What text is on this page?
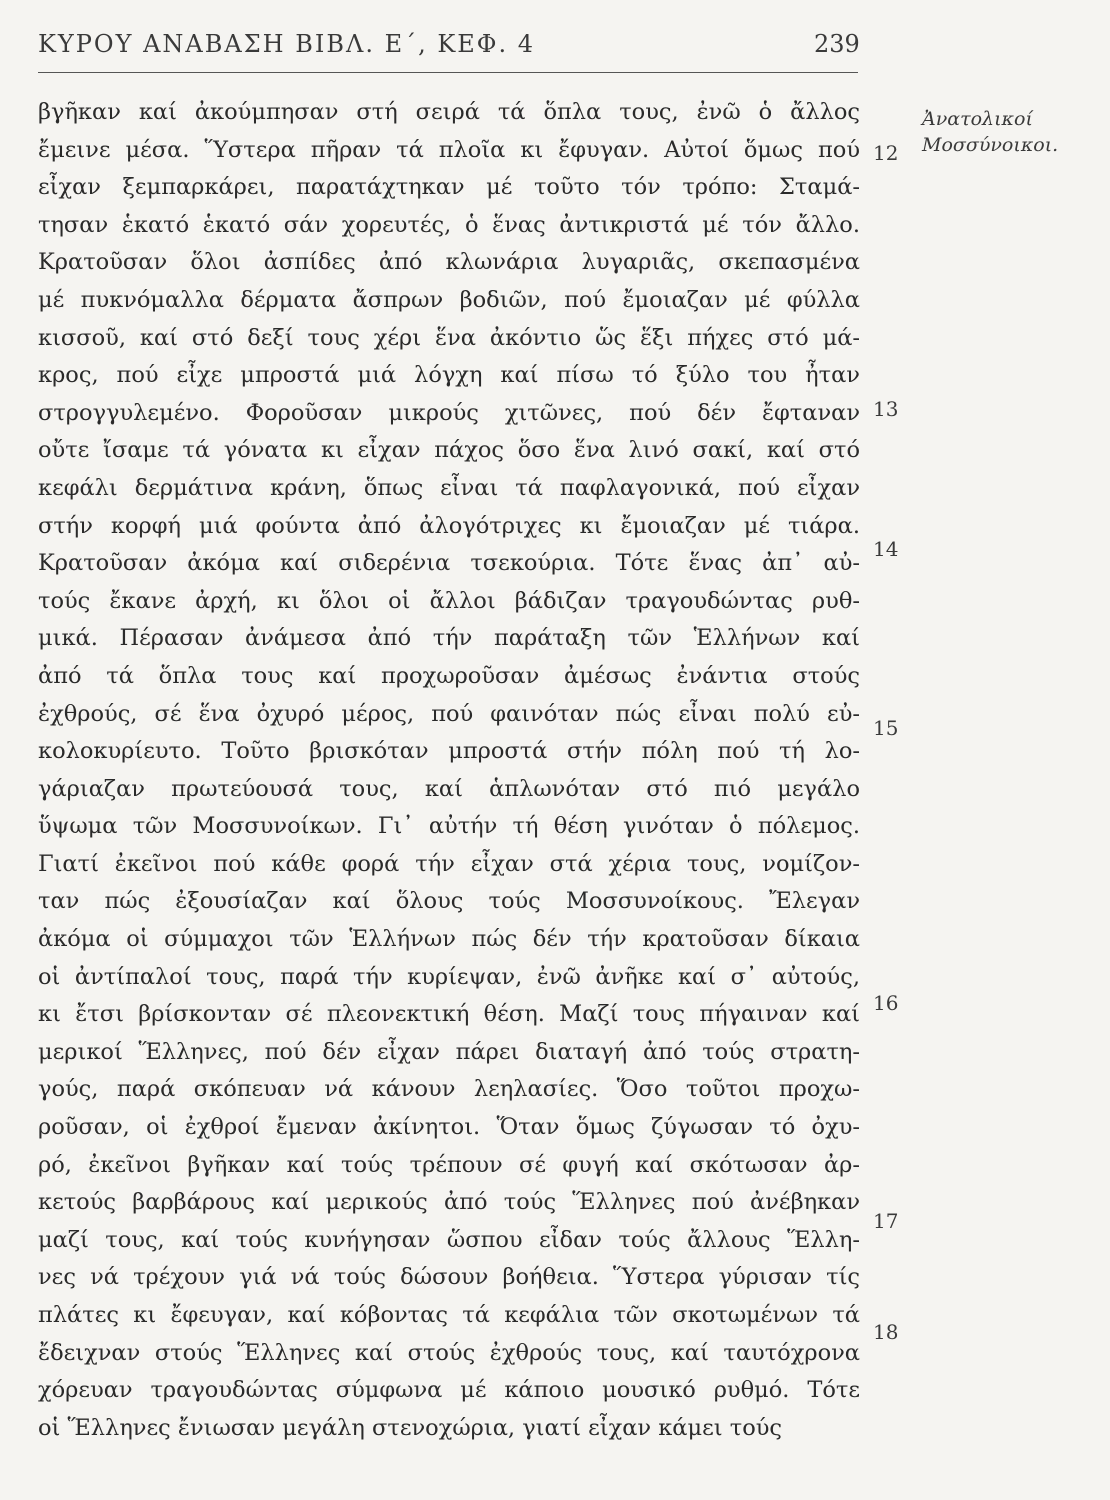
ΚΥΡΟΥ ΑΝΑΒΑΣΗ ΒΙΒΛ. Ε΄, ΚΕΦ. 4	239
Ἀνατολικοί
Μοσσύνοικοι.
βγῆκαν καί ἀκούμπησαν στή σειρά τά ὅπλα τους, ἐνῶ ὁ ἄλλος
ἔμεινε μέσα. Ὕστερα πῆραν τά πλοῖα κι ἔφυγαν. Αὐτοί ὅμως πού
εἶχαν ξεμπαρκάρει, παρατάχτηκαν μέ τοῦτο τόν τρόπο: Σταμά-
τησαν ἑκατό ἑκατό σάν χορευτές, ὁ ἕνας ἀντικριστά μέ τόν ἄλλο.
Κρατοῦσαν ὅλοι ἀσπίδες ἀπό κλωνάρια λυγαριᾶς, σκεπασμένα
μέ πυκνόμαλλα δέρματα ἄσπρων βοδιῶν, πού ἔμοιαζαν μέ φύλλα
κισσοῦ, καί στό δεξί τους χέρι ἕνα ἀκόντιο ὥς ἕξι πήχες στό μά-
κρος, πού εἶχε μπροστά μιά λόγχη καί πίσω τό ξύλο του ἦταν
στρογγυλεμένο. Φοροῦσαν μικρούς χιτῶνες, πού δέν ἔφταναν
οὔτε ἴσαμε τά γόνατα κι εἶχαν πάχος ὅσο ἕνα λινό σακί, καί στό
κεφάλι δερμάτινα κράνη, ὅπως εἶναι τά παφλαγονικά, πού εἶχαν
στήν κορφή μιά φούντα ἀπό ἀλογότριχες κι ἔμοιαζαν μέ τιάρα.
Κρατοῦσαν ἀκόμα καί σιδερένια τσεκούρια. Τότε ἕνας ἀπ᾿ αὐ-
τούς ἔκανε ἀρχή, κι ὅλοι οἱ ἄλλοι βάδιζαν τραγουδώντας ρυθ-
μικά. Πέρασαν ἀνάμεσα ἀπό τήν παράταξη τῶν Ἑλλήνων καί
ἀπό τά ὅπλα τους καί προχωροῦσαν ἀμέσως ἐνάντια στούς
ἐχθρούς, σέ ἕνα ὀχυρό μέρος, πού φαινόταν πώς εἶναι πολύ εὐ-
κολοκυρίευτο. Τοῦτο βρισκόταν μπροστά στήν πόλη πού τή λο-
γάριαζαν πρωτεύουσά τους, καί ἁπλωνόταν στό πιό μεγάλο
ὕψωμα τῶν Μοσσυνοίκων. Γι᾿ αὐτήν τή θέση γινόταν ὁ πόλεμος.
Γιατί ἐκεῖνοι πού κάθε φορά τήν εἶχαν στά χέρια τους, νομίζον-
ταν πώς ἐξουσίαζαν καί ὅλους τούς Μοσσυνοίκους. Ἔλεγαν
ἀκόμα οἱ σύμμαχοι τῶν Ἑλλήνων πώς δέν τήν κρατοῦσαν δίκαια
οἱ ἀντίπαλοί τους, παρά τήν κυρίεψαν, ἐνῶ ἀνῆκε καί σ᾿ αὐτούς,
κι ἔτσι βρίσκονταν σέ πλεονεκτική θέση. Μαζί τους πήγαιναν καί
μερικοί Ἕλληνες, πού δέν εἶχαν πάρει διαταγή ἀπό τούς στρατη-
γούς, παρά σκόπευαν νά κάνουν λεηλασίες. Ὅσο τοῦτοι προχω-
ροῦσαν, οἱ ἐχθροί ἔμεναν ἀκίνητοι. Ὅταν ὅμως ζύγωσαν τό ὀχυ-
ρό, ἐκεῖνοι βγῆκαν καί τούς τρέπουν σέ φυγή καί σκότωσαν ἀρ-
κετούς βαρβάρους καί μερικούς ἀπό τούς Ἕλληνες πού ἀνέβηκαν
μαζί τους, καί τούς κυνήγησαν ὥσπου εἶδαν τούς ἄλλους Ἕλλη-
νες νά τρέχουν γιά νά τούς δώσουν βοήθεια. Ὕστερα γύρισαν τίς
πλάτες κι ἔφευγαν, καί κόβοντας τά κεφάλια τῶν σκοτωμένων τά
ἔδειχναν στούς Ἕλληνες καί στούς ἐχθρούς τους, καί ταυτόχρονα
χόρευαν τραγουδώντας σύμφωνα μέ κάποιο μουσικό ρυθμό. Τότε
οἱ Ἕλληνες ἔνιωσαν μεγάλη στενοχώρια, γιατί εἶχαν κάμει τούς
12
13
14
15
16
17
18
